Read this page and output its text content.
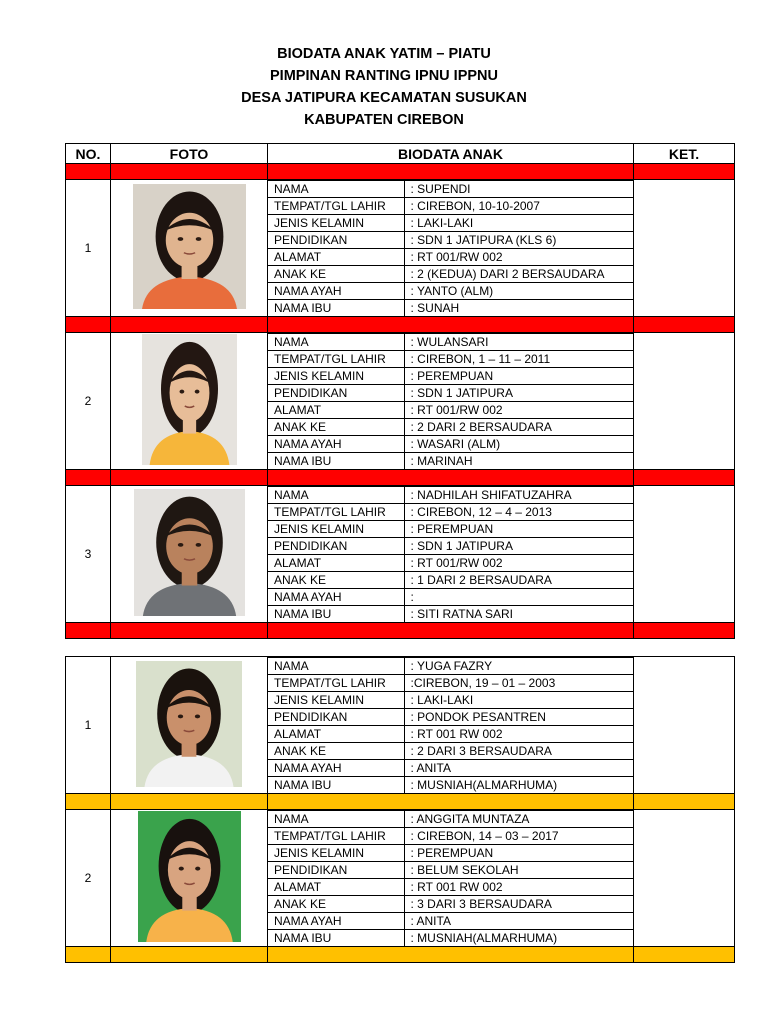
BIODATA ANAK YATIM – PIATU
PIMPINAN RANTING IPNU IPPNU
DESA JATIPURA KECAMATAN SUSUKAN
KABUPATEN CIREBON
NO.	FOTO	BIODATA ANAK	KET.

1	

NAMA	: SUPENDI
TEMPAT/TGL LAHIR	: CIREBON, 10-10-2007
JENIS KELAMIN	: LAKI-LAKI
PENDIDIKAN	: SDN 1 JATIPURA (KLS 6)
ALAMAT	: RT 001/RW 002
ANAK KE	: 2 (KEDUA) DARI 2 BERSAUDARA
NAMA AYAH	: YANTO (ALM)
NAMA IBU	: SUNAH

2	

NAMA	: WULANSARI
TEMPAT/TGL LAHIR	: CIREBON, 1 – 11 – 2011
JENIS KELAMIN	: PEREMPUAN
PENDIDIKAN	: SDN 1 JATIPURA
ALAMAT	: RT 001/RW 002
ANAK KE	: 2 DARI 2 BERSAUDARA
NAMA AYAH	: WASARI (ALM)
NAMA IBU	: MARINAH

3	

NAMA	: NADHILAH SHIFATUZAHRA
TEMPAT/TGL LAHIR	: CIREBON, 12 – 4 – 2013
JENIS KELAMIN	: PEREMPUAN
PENDIDIKAN	: SDN 1 JATIPURA
ALAMAT	: RT 001/RW 002
ANAK KE	: 1 DARI 2 BERSAUDARA
NAMA AYAH	:
NAMA IBU	: SITI RATNA SARI

1	

NAMA	: YUGA FAZRY
TEMPAT/TGL LAHIR	:CIREBON, 19 – 01 – 2003
JENIS KELAMIN	: LAKI-LAKI
PENDIDIKAN	: PONDOK PESANTREN
ALAMAT	: RT 001 RW 002
ANAK KE	: 2 DARI 3 BERSAUDARA
NAMA AYAH	: ANITA
NAMA IBU	: MUSNIAH(ALMARHUMA)

2	

NAMA	: ANGGITA MUNTAZA
TEMPAT/TGL LAHIR	: CIREBON, 14 – 03 – 2017
JENIS KELAMIN	: PEREMPUAN
PENDIDIKAN	: BELUM SEKOLAH
ALAMAT	: RT 001 RW 002
ANAK KE	: 3 DARI 3 BERSAUDARA
NAMA AYAH	: ANITA
NAMA IBU	: MUSNIAH(ALMARHUMA)
